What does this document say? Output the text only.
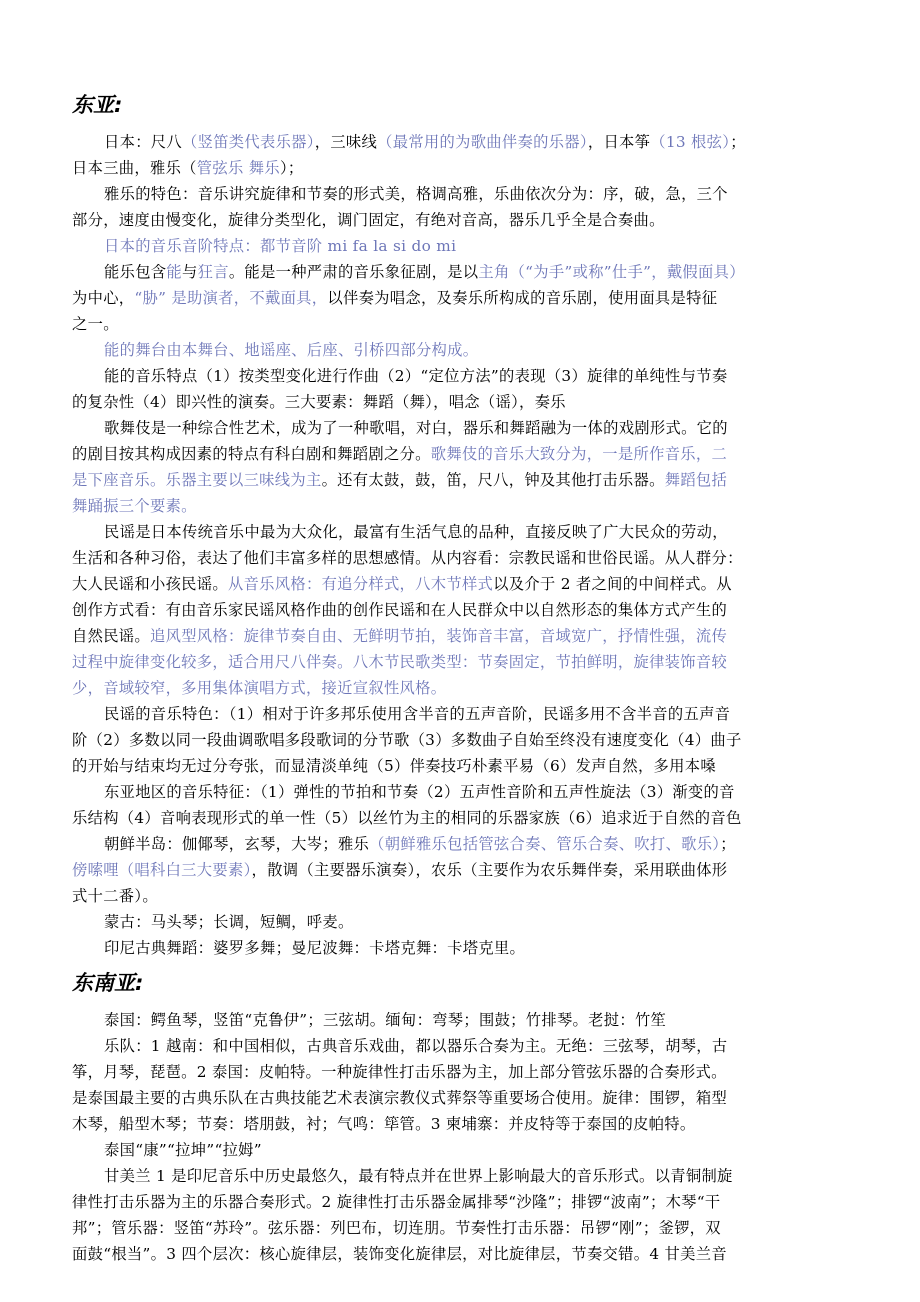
东亚:
日本：尺八（竖笛类代表乐器），三味线（最常用的为歌曲伴奏的乐器），日本筝（13 根弦）；
日本三曲，雅乐（管弦乐 舞乐）；
雅乐的特色：音乐讲究旋律和节奏的形式美，格调高雅，乐曲依次分为：序，破，急，三个
部分，速度由慢变化，旋律分类型化，调门固定，有绝对音高，器乐几乎全是合奏曲。
日本的音乐音阶特点：都节音阶 mi fa la si do mi
能乐包含能与狂言。能是一种严肃的音乐象征剧，是以主角（“为手”或称”仕手”，戴假面具）
为中心，“胁” 是助演者，不戴面具，以伴奏为唱念，及奏乐所构成的音乐剧，使用面具是特征
之一。
能的舞台由本舞台、地谣座、后座、引桥四部分构成。
能的音乐特点（1）按类型变化进行作曲（2）“定位方法”的表现（3）旋律的单纯性与节奏
的复杂性（4）即兴性的演奏。三大要素：舞蹈（舞），唱念（谣），奏乐
歌舞伎是一种综合性艺术，成为了一种歌唱，对白，器乐和舞蹈融为一体的戏剧形式。它的
的剧目按其构成因素的特点有科白剧和舞蹈剧之分。歌舞伎的音乐大致分为，一是所作音乐，二
是下座音乐。乐器主要以三味线为主。还有太鼓，鼓，笛，尺八，钟及其他打击乐器。舞蹈包括
舞踊振三个要素。
民谣是日本传统音乐中最为大众化，最富有生活气息的品种，直接反映了广大民众的劳动，
生活和各种习俗，表达了他们丰富多样的思想感情。从内容看：宗教民谣和世俗民谣。从人群分：
大人民谣和小孩民谣。从音乐风格：有追分样式，八木节样式以及介于 2 者之间的中间样式。从
创作方式看：有由音乐家民谣风格作曲的创作民谣和在人民群众中以自然形态的集体方式产生的
自然民谣。追风型风格：旋律节奏自由、无鲜明节拍，装饰音丰富，音域宽广，抒情性强，流传
过程中旋律变化较多，适合用尺八伴奏。八木节民歌类型：节奏固定，节拍鲜明，旋律装饰音较
少，音域较窄，多用集体演唱方式，接近宣叙性风格。
民谣的音乐特色：（1）相对于许多邦乐使用含半音的五声音阶，民谣多用不含半音的五声音
阶（2）多数以同一段曲调歌唱多段歌词的分节歌（3）多数曲子自始至终没有速度变化（4）曲子
的开始与结束均无过分夸张，而显清淡单纯（5）伴奏技巧朴素平易（6）发声自然，多用本嗓
东亚地区的音乐特征：（1）弹性的节拍和节奏（2）五声性音阶和五声性旋法（3）渐变的音
乐结构（4）音响表现形式的单一性（5）以丝竹为主的相同的乐器家族（6）追求近于自然的音色
朝鲜半岛：伽倻琴，玄琴，大岑；雅乐（朝鲜雅乐包括管弦合奏、管乐合奏、吹打、歌乐）；
傍嗦哩（唱科白三大要素），散调（主要器乐演奏），农乐（主要作为农乐舞伴奏，采用联曲体形
式十二番）。
蒙古：马头琴；长调，短鲷，呼麦。
印尼古典舞蹈：婆罗多舞；曼尼波舞：卡塔克舞：卡塔克里。
东南亚:
泰国：鳄鱼琴，竖笛“克鲁伊”；三弦胡。缅甸：弯琴；围鼓；竹排琴。老挝：竹笙
乐队：1 越南：和中国相似，古典音乐戏曲，都以器乐合奏为主。无绝：三弦琴，胡琴，古
筝，月琴，琵琶。2 泰国：皮帕特。一种旋律性打击乐器为主，加上部分管弦乐器的合奏形式。
是泰国最主要的古典乐队在古典技能艺术表演宗教仪式葬祭等重要场合使用。旋律：围锣，箱型
木琴，船型木琴；节奏：塔朋鼓，衬；气鸣：筚管。3 柬埔寨：并皮特等于泰国的皮帕特。
泰国“康”“拉坤”“拉姆”
甘美兰 1 是印尼音乐中历史最悠久，最有特点并在世界上影响最大的音乐形式。以青铜制旋
律性打击乐器为主的乐器合奏形式。2 旋律性打击乐器金属排琴“沙隆”；排锣“波南”；木琴“干
邦”；管乐器：竖笛“苏玲”。弦乐器：列巴布，切连朋。节奏性打击乐器：吊锣“刚”；釜锣，双
面鼓“根当”。3 四个层次：核心旋律层，装饰变化旋律层，对比旋律层，节奏交错。4 甘美兰音
